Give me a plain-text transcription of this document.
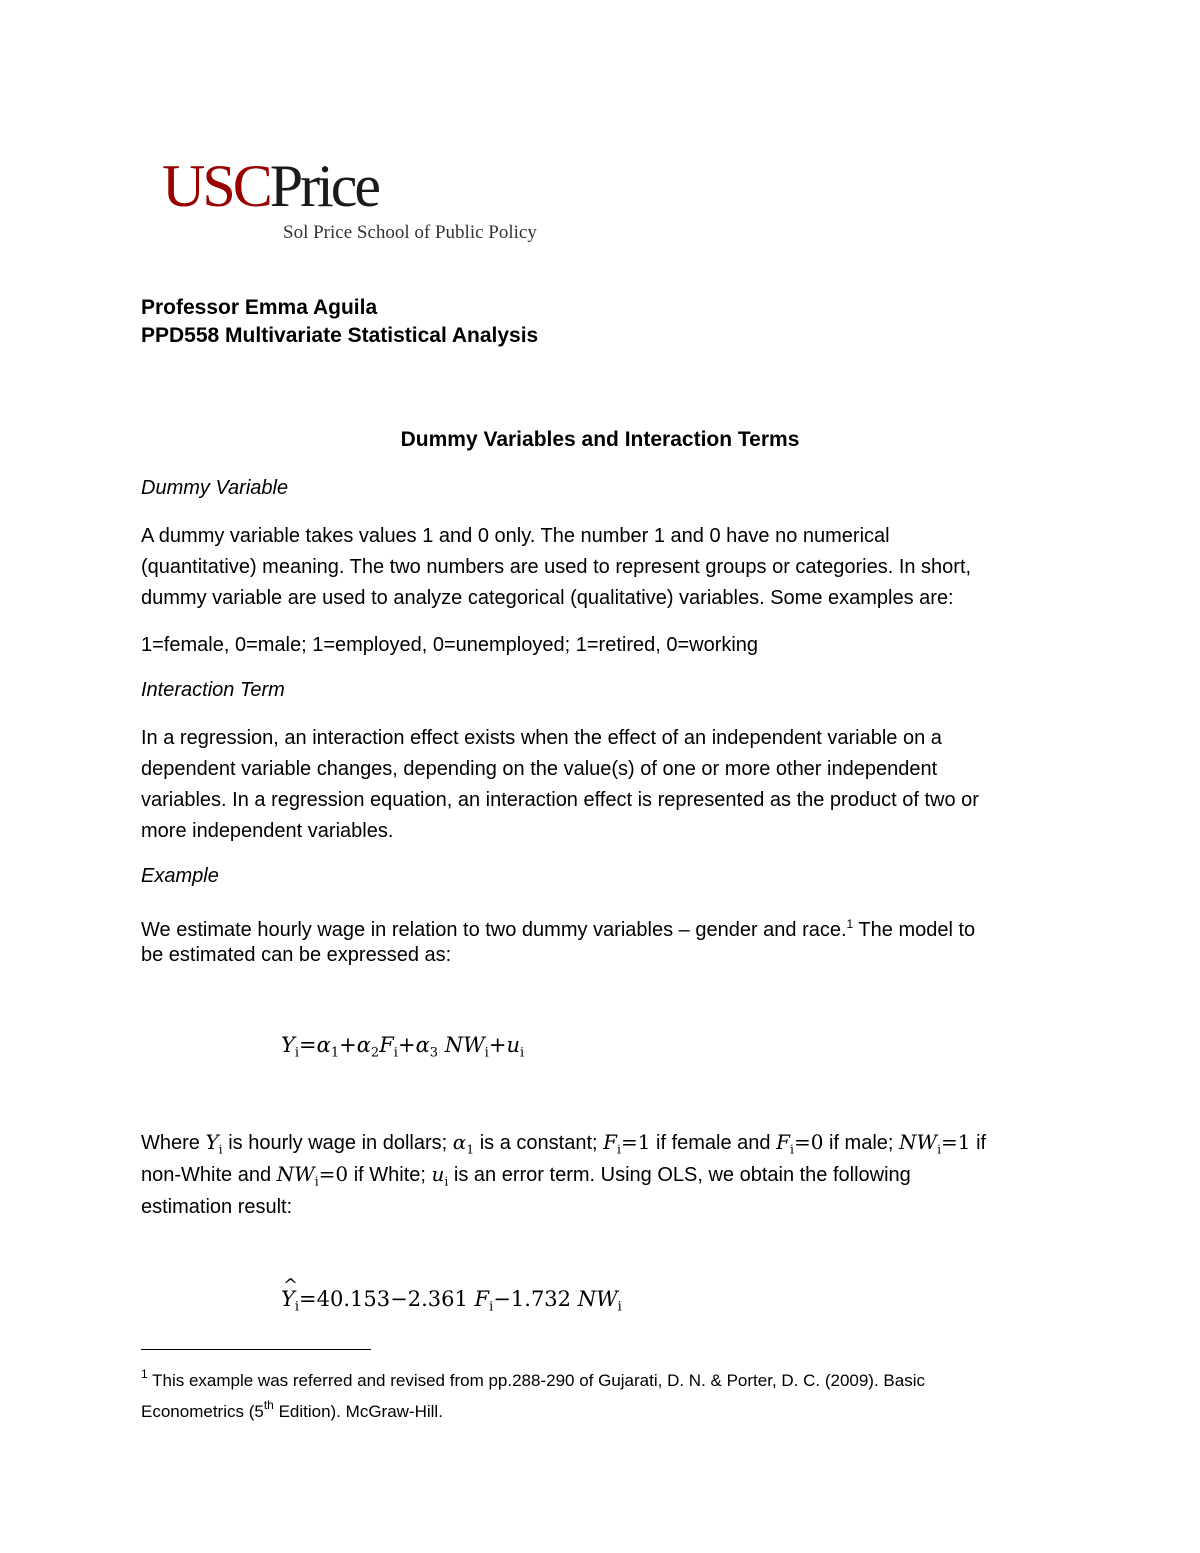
USCPrice
Sol Price School of Public Policy
Professor Emma Aguila
PPD558 Multivariate Statistical Analysis
Dummy Variables and Interaction Terms
Dummy Variable
A dummy variable takes values 1 and 0 only. The number 1 and 0 have no numerical
(quantitative) meaning. The two numbers are used to represent groups or categories. In short,
dummy variable are used to analyze categorical (qualitative) variables. Some examples are:
1=female, 0=male; 1=employed, 0=unemployed; 1=retired, 0=working
Interaction Term
In a regression, an interaction effect exists when the effect of an independent variable on a
dependent variable changes, depending on the value(s) of one or more other independent
variables. In a regression equation, an interaction effect is represented as the product of two or
more independent variables.
Example
We estimate hourly wage in relation to two dummy variables – gender and race.$^1$ The model to
be estimated can be expressed as:
$Y_i=\alpha_1+\alpha_2F_i+\alpha_3$ $NW_i+u_i$
Where $Y_i$ is hourly wage in dollars; $\alpha_1$ is a constant; $F_i=1$ if female and $F_i=0$ if male; $NW_i=1$ if
non-White and $NW_i=0$ if White; $u_i$ is an error term. Using OLS, we obtain the following
estimation result:
^ $Y_i=40.153-2.361$ $F_i-1.732$ $NW_i$
$^1$ This example was referred and revised from pp.288-290 of Gujarati, D. N. & Porter, D. C. (2009). Basic
Econometrics (5th Edition). McGraw-Hill.
